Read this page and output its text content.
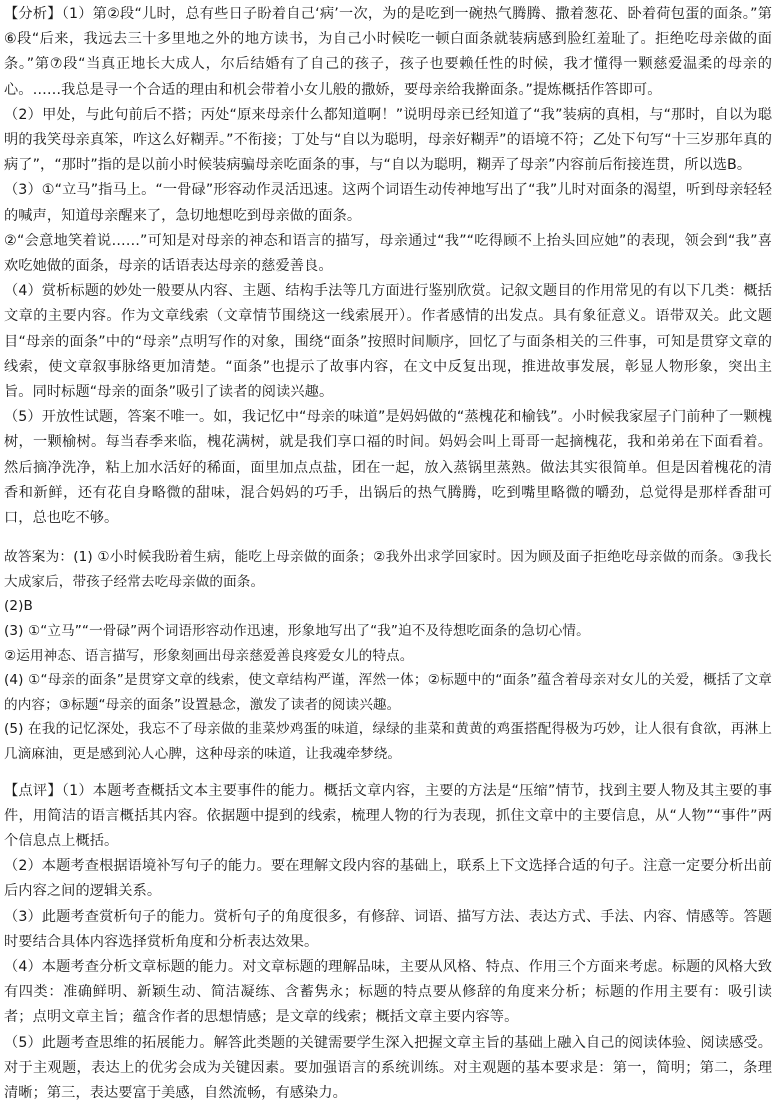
【分析】（1）第②段“儿时，总有些日子盼着自己‘病’一次，为的是吃到一碗热气腾腾、撒着葱花、卧着荷包蛋的面条。”第⑥段“后来，我远去三十多里地之外的地方读书，为自己小时候吃一顿白面条就装病感到脸红羞耻了。拒绝吃母亲做的面条。”第⑦段“当真正地长大成人，尔后结婚有了自己的孩子，孩子也要赖任性的时候，我才懂得一颗慈爱温柔的母亲的心。……我总是寻一个合适的理由和机会带着小女儿般的撒娇，要母亲给我擀面条。”提炼概括作答即可。

（2）甲处，与此句前后不搭；丙处“原来母亲什么都知道啊！”说明母亲已经知道了“我”装病的真相，与“那时，自以为聪明的我笑母亲真笨，咋这么好糊弄。”不衔接；丁处与“自以为聪明，母亲好糊弄”的语境不符；乙处下句写“十三岁那年真的病了”，“那时”指的是以前小时候装病骗母亲吃面条的事，与“自以为聪明，糊弄了母亲”内容前后衔接连贯，所以选B。

（3）①“立马”指马上。“一骨碌”形容动作灵活迅速。这两个词语生动传神地写出了“我”儿时对面条的渴望，听到母亲轻轻的喊声，知道母亲醒来了，急切地想吃到母亲做的面条。

②“会意地笑着说……”可知是对母亲的神态和语言的描写，母亲通过“我”“吃得顾不上抬头回应她”的表现，领会到“我”喜欢吃她做的面条，母亲的话语表达母亲的慈爱善良。

（4）赏析标题的妙处一般要从内容、主题、结构手法等几方面进行鉴别欣赏。记叙文题目的作用常见的有以下几类：概括文章的主要内容。作为文章线索（文章情节围绕这一线索展开）。作者感情的出发点。具有象征意义。语带双关。此文题目“母亲的面条”中的“母亲”点明写作的对象，围绕“面条”按照时间顺序，回忆了与面条相关的三件事，可知是贯穿文章的线索，使文章叙事脉络更加清楚。“面条”也提示了故事内容，在文中反复出现，推进故事发展，彰显人物形象，突出主旨。同时标题“母亲的面条”吸引了读者的阅读兴趣。

（5）开放性试题，答案不唯一。如，我记忆中“母亲的味道”是妈妈做的“蒸槐花和榆钱”。小时候我家屋子门前种了一颗槐树，一颗榆树。每当春季来临，槐花满树，就是我们享口福的时间。妈妈会叫上哥哥一起摘槐花，我和弟弟在下面看着。然后摘净洗净，粘上加水活好的稀面，面里加点点盐，团在一起，放入蒸锅里蒸熟。做法其实很简单。但是因着槐花的清香和新鲜，还有花自身略微的甜味，混合妈妈的巧手，出锅后的热气腾腾，吃到嘴里略微的嚼劲，总觉得是那样香甜可口，总也吃不够。

故答案为：(1) ①小时候我盼着生病，能吃上母亲做的面条；②我外出求学回家时。因为顾及面子拒绝吃母亲做的而条。③我长大成家后，带孩子经常去吃母亲做的面条。

(2)B

(3) ①“立马”“一骨碌”两个词语形容动作迅速，形象地写出了“我”迫不及待想吃面条的急切心情。

②运用神态、语言描写，形象刻画出母亲慈爱善良疼爱女儿的特点。

(4) ①“母亲的面条”是贯穿文章的线索，使文章结构严谨，浑然一体；②标题中的“面条”蕴含着母亲对女儿的关爱，概括了文章的内容；③标题“母亲的面条”设置悬念，激发了读者的阅读兴趣。

(5) 在我的记忆深处，我忘不了母亲做的韭菜炒鸡蛋的味道，绿绿的韭菜和黄黄的鸡蛋搭配得极为巧妙，让人很有食欲，再淋上几滴麻油，更是感到沁人心脾，这种母亲的味道，让我魂牵梦绕。

【点评】（1）本题考查概括文本主要事件的能力。概括文章内容，主要的方法是“压缩”情节，找到主要人物及其主要的事件，用简洁的语言概括其内容。依据题中提到的线索，梳理人物的行为表现，抓住文章中的主要信息，从“人物”“事件”两个信息点上概括。

（2）本题考查根据语境补写句子的能力。要在理解文段内容的基础上，联系上下文选择合适的句子。注意一定要分析出前后内容之间的逻辑关系。

（3）此题考查赏析句子的能力。赏析句子的角度很多，有修辞、词语、描写方法、表达方式、手法、内容、情感等。答题时要结合具体内容选择赏析角度和分析表达效果。

（4）本题考查分析文章标题的能力。对文章标题的理解品味，主要从风格、特点、作用三个方面来考虑。标题的风格大致有四类：准确鲜明、新颖生动、简洁凝练、含蓄隽永；标题的特点要从修辞的角度来分析；标题的作用主要有：吸引读者；点明文章主旨；蕴含作者的思想情感；是文章的线索；概括文章主要内容等。

（5）此题考查思维的拓展能力。解答此类题的关键需要学生深入把握文章主旨的基础上融入自己的阅读体验、阅读感受。对于主观题，表达上的优劣会成为关键因素。要加强语言的系统训练。对主观题的基本要求是：第一，简明；第二，条理清晰；第三，表达要富于美感，自然流畅，有感染力。
